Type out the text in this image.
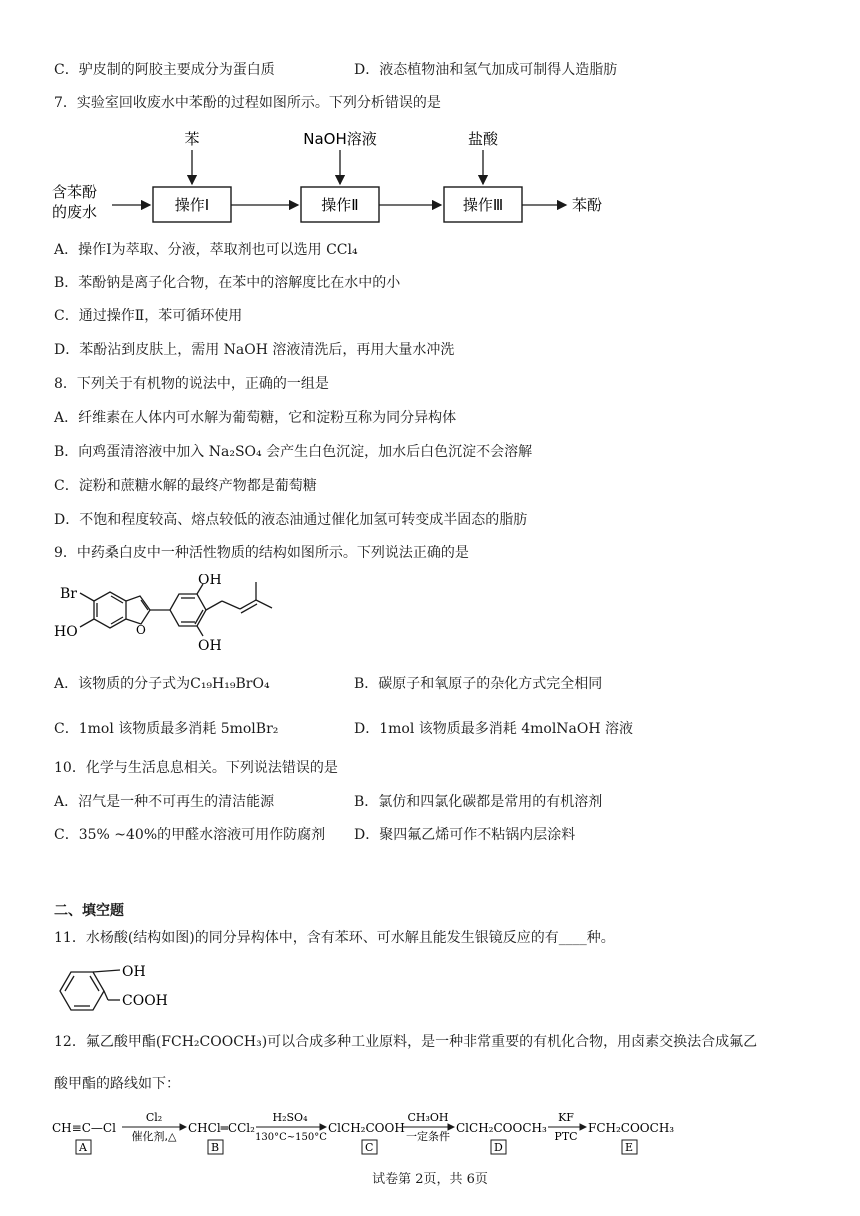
C．驴皮制的阿胶主要成分为蛋白质	D．液态植物油和氢气加成可制得人造脂肪
7．实验室回收废水中苯酚的过程如图所示。下列分析错误的是
含苯酚
的废水	操作Ⅰ
苯
操作Ⅱ
NaOH溶液
操作Ⅲ
盐酸
苯酚
A．操作Ⅰ为萃取、分液，萃取剂也可以选用 CCl₄
B．苯酚钠是离子化合物，在苯中的溶解度比在水中的小
C．通过操作Ⅱ，苯可循环使用
D．苯酚沾到皮肤上，需用 NaOH 溶液清洗后，再用大量水冲洗
8．下列关于有机物的说法中，正确的一组是
A．纤维素在人体内可水解为葡萄糖，它和淀粉互称为同分异构体
B．向鸡蛋清溶液中加入 Na₂SO₄ 会产生白色沉淀，加水后白色沉淀不会溶解
C．淀粉和蔗糖水解的最终产物都是葡萄糖
D．不饱和程度较高、熔点较低的液态油通过催化加氢可转变成半固态的脂肪
9．中药桑白皮中一种活性物质的结构如图所示。下列说法正确的是
Br
HO	O
OH
OH
A．该物质的分子式为C₁₉H₁₉BrO₄	B．碳原子和氧原子的杂化方式完全相同
C．1mol 该物质最多消耗 5molBr₂	D．1mol 该物质最多消耗 4molNaOH 溶液
10．化学与生活息息相关。下列说法错误的是
A．沼气是一种不可再生的清洁能源	B．氯仿和四氯化碳都是常用的有机溶剂
C．35% ~40%的甲醛水溶液可用作防腐剂 D．聚四氟乙烯可作不粘锅内层涂料
二、填空题
11．水杨酸(结构如图)的同分异构体中，含有苯环、可水解且能发生银镜反应的有____种。
OH
COOH
12．氟乙酸甲酯(FCH₂COOCH₃)可以合成多种工业原料，是一种非常重要的有机化合物，用卤素交换法合成氟乙
酸甲酯的路线如下：
CH≡C—Cl
A
Cl₂
催化剂,△
CHCl═CCl₂
B
H₂SO₄
130°C~150°C
ClCH₂COOH
C
CH₃OH
一定条件
ClCH₂COOCH₃
D
KF
PTC
FCH₂COOCH₃
E
试卷第 2页，共 6页
